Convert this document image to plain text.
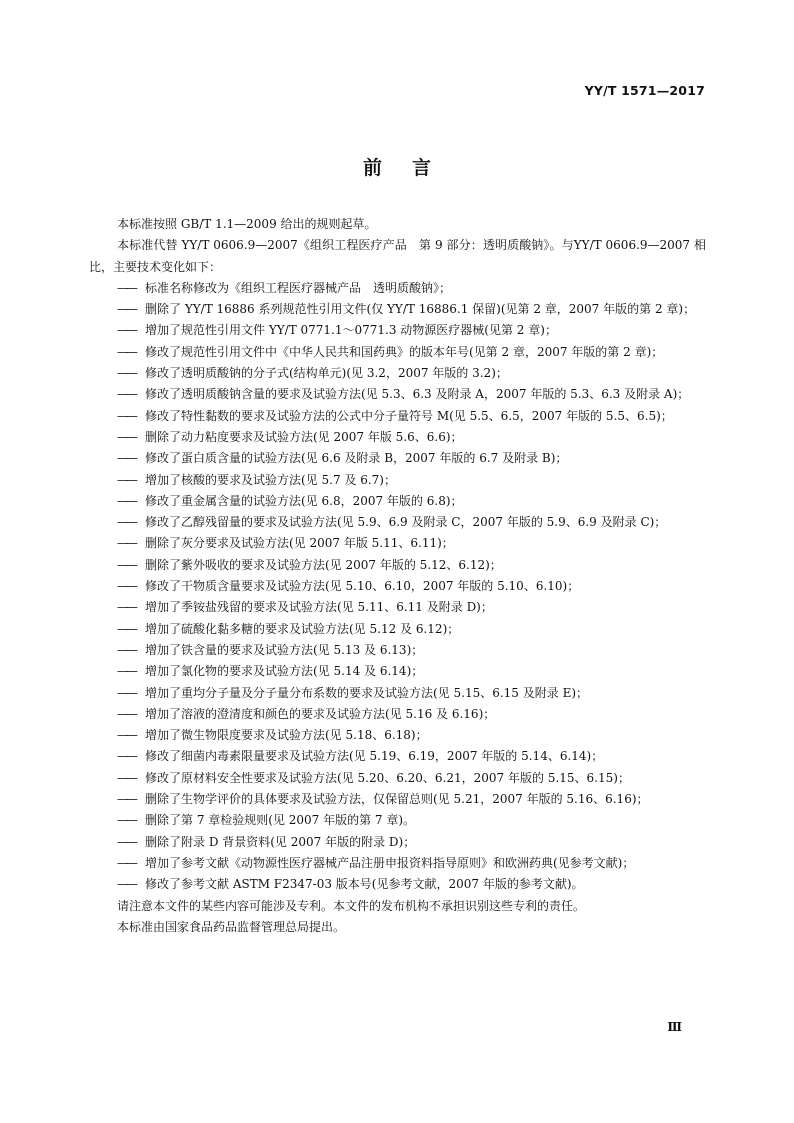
YY/T 1571—2017
前言

本标准按照 GB/T 1.1—2009 给出的规则起草。

本标准代替 YY/T 0606.9—2007《组织工程医疗产品　第 9 部分：透明质酸钠》。与YY/T 0606.9—2007 相比，主要技术变化如下：

—— 标准名称修改为《组织工程医疗器械产品　透明质酸钠》；
—— 删除了 YY/T 16886 系列规范性引用文件(仅 YY/T 16886.1 保留)(见第 2 章，2007 年版的第 2 章)；
—— 增加了规范性引用文件 YY/T 0771.1～0771.3 动物源医疗器械(见第 2 章)；
—— 修改了规范性引用文件中《中华人民共和国药典》的版本年号(见第 2 章，2007 年版的第 2 章)；
—— 修改了透明质酸钠的分子式(结构单元)(见 3.2，2007 年版的 3.2)；
—— 修改了透明质酸钠含量的要求及试验方法(见 5.3、6.3 及附录 A，2007 年版的 5.3、6.3 及附录 A)；
—— 修改了特性黏数的要求及试验方法的公式中分子量符号 M(见 5.5、6.5，2007 年版的 5.5、6.5)；
—— 删除了动力粘度要求及试验方法(见 2007 年版 5.6、6.6)；
—— 修改了蛋白质含量的试验方法(见 6.6 及附录 B，2007 年版的 6.7 及附录 B)；
—— 增加了核酸的要求及试验方法(见 5.7 及 6.7)；
—— 修改了重金属含量的试验方法(见 6.8，2007 年版的 6.8)；
—— 修改了乙醇残留量的要求及试验方法(见 5.9、6.9 及附录 C，2007 年版的 5.9、6.9 及附录 C)；
—— 删除了灰分要求及试验方法(见 2007 年版 5.11、6.11)；
—— 删除了紫外吸收的要求及试验方法(见 2007 年版的 5.12、6.12)；
—— 修改了干物质含量要求及试验方法(见 5.10、6.10，2007 年版的 5.10、6.10)；
—— 增加了季铵盐残留的要求及试验方法(见 5.11、6.11 及附录 D)；
—— 增加了硫酸化黏多糖的要求及试验方法(见 5.12 及 6.12)；
—— 增加了铁含量的要求及试验方法(见 5.13 及 6.13)；
—— 增加了氯化物的要求及试验方法(见 5.14 及 6.14)；
—— 增加了重均分子量及分子量分布系数的要求及试验方法(见 5.15、6.15 及附录 E)；
—— 增加了溶液的澄清度和颜色的要求及试验方法(见 5.16 及 6.16)；
—— 增加了微生物限度要求及试验方法(见 5.18、6.18)；
—— 修改了细菌内毒素限量要求及试验方法(见 5.19、6.19，2007 年版的 5.14、6.14)；
—— 修改了原材料安全性要求及试验方法(见 5.20、6.20、6.21，2007 年版的 5.15、6.15)；
—— 删除了生物学评价的具体要求及试验方法，仅保留总则(见 5.21，2007 年版的 5.16、6.16)；
—— 删除了第 7 章检验规则(见 2007 年版的第 7 章)。
—— 删除了附录 D 背景资料(见 2007 年版的附录 D)；
—— 增加了参考文献《动物源性医疗器械产品注册申报资料指导原则》和欧洲药典(见参考文献)；
—— 修改了参考文献 ASTM F2347-03 版本号(见参考文献，2007 年版的参考文献)。

请注意本文件的某些内容可能涉及专利。本文件的发布机构不承担识别这些专利的责任。

本标准由国家食品药品监督管理总局提出。

Ⅲ
